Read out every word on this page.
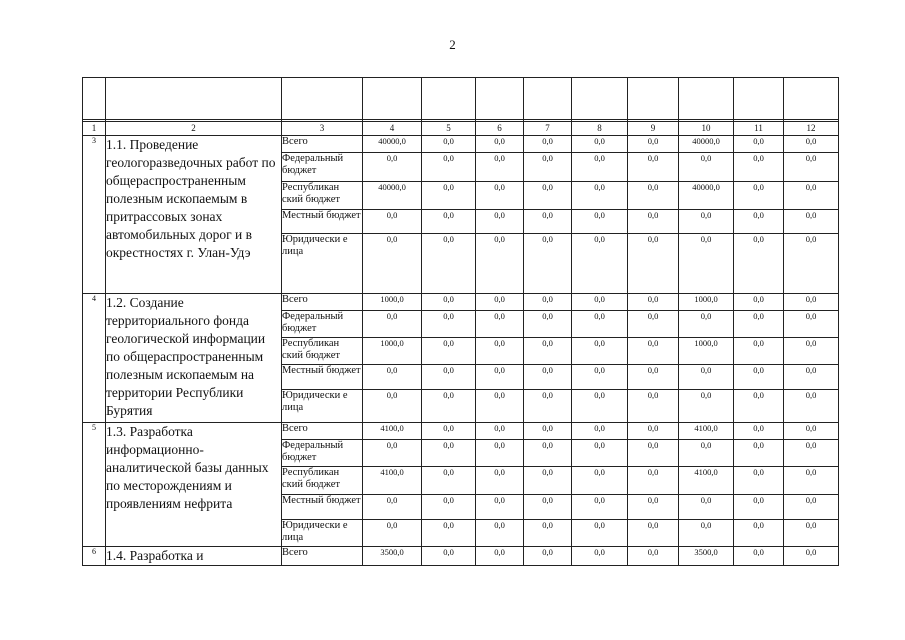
2

1	2	3	4	5	6	7	8	9	10	11	12
3	1.1. Проведение геологоразведочных работ по общераспространенным полезным ископаемым в притрассовых зонах автомобильных дорог и в окрестностях г. Улан-Удэ	Всего	40000,0	0,0	0,0	0,0	0,0	0,0	40000,0	0,0	0,0
		Федеральный бюджет	0,0	0,0	0,0	0,0	0,0	0,0	0,0	0,0	0,0
		Республикан ский бюджет	40000,0	0,0	0,0	0,0	0,0	0,0	40000,0	0,0	0,0
		Местный бюджет	0,0	0,0	0,0	0,0	0,0	0,0	0,0	0,0	0,0
		Юридически е лица	0,0	0,0	0,0	0,0	0,0	0,0	0,0	0,0	0,0
4	1.2. Создание территориального фонда геологической информации по общераспространенным полезным ископаемым на территории Республики Бурятия	Всего	1000,0	0,0	0,0	0,0	0,0	0,0	1000,0	0,0	0,0
		Федеральный бюджет	0,0	0,0	0,0	0,0	0,0	0,0	0,0	0,0	0,0
		Республикан ский бюджет	1000,0	0,0	0,0	0,0	0,0	0,0	1000,0	0,0	0,0
		Местный бюджет	0,0	0,0	0,0	0,0	0,0	0,0	0,0	0,0	0,0
		Юридически е лица	0,0	0,0	0,0	0,0	0,0	0,0	0,0	0,0	0,0
5	1.3. Разработка информационно-аналитической базы данных по месторождениям и проявлениям нефрита	Всего	4100,0	0,0	0,0	0,0	0,0	0,0	4100,0	0,0	0,0
		Федеральный бюджет	0,0	0,0	0,0	0,0	0,0	0,0	0,0	0,0	0,0
		Республикан ский бюджет	4100,0	0,0	0,0	0,0	0,0	0,0	4100,0	0,0	0,0
		Местный бюджет	0,0	0,0	0,0	0,0	0,0	0,0	0,0	0,0	0,0
		Юридически е лица	0,0	0,0	0,0	0,0	0,0	0,0	0,0	0,0	0,0
6	1.4. Разработка и	Всего	3500,0	0,0	0,0	0,0	0,0	0,0	3500,0	0,0	0,0
